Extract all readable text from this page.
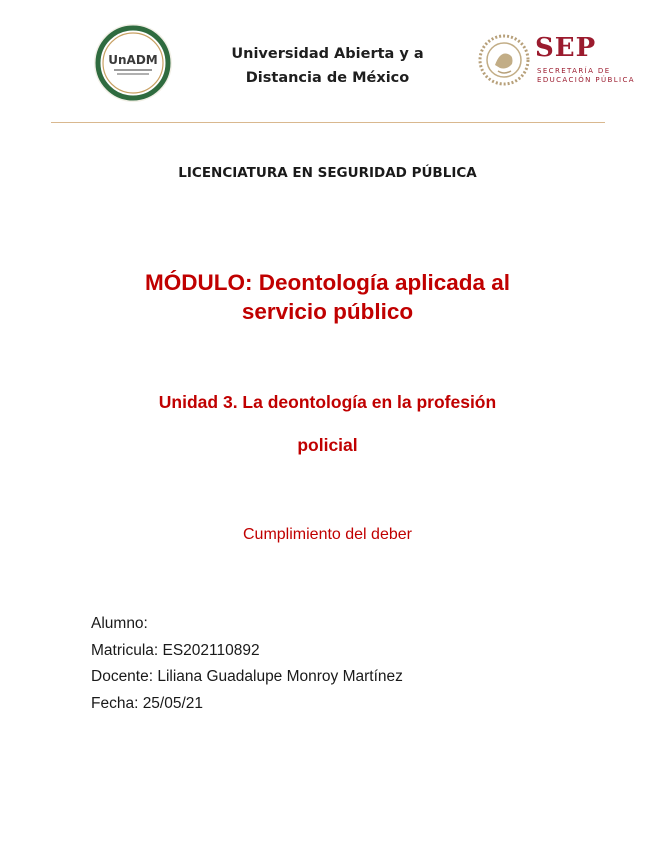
UnADM	Universidad Abierta y a
Distancia de México
SEP
SECRETARÍA DE
EDUCACIÓN PÚBLICA
LICENCIATURA EN SEGURIDAD PÚBLICA
MÓDULO: Deontología aplicada al
servicio público
Unidad 3. La deontología en la profesión
policial
Cumplimiento del deber
Alumno:
Matricula: ES202110892
Docente: Liliana Guadalupe Monroy Martínez
Fecha: 25/05/21
